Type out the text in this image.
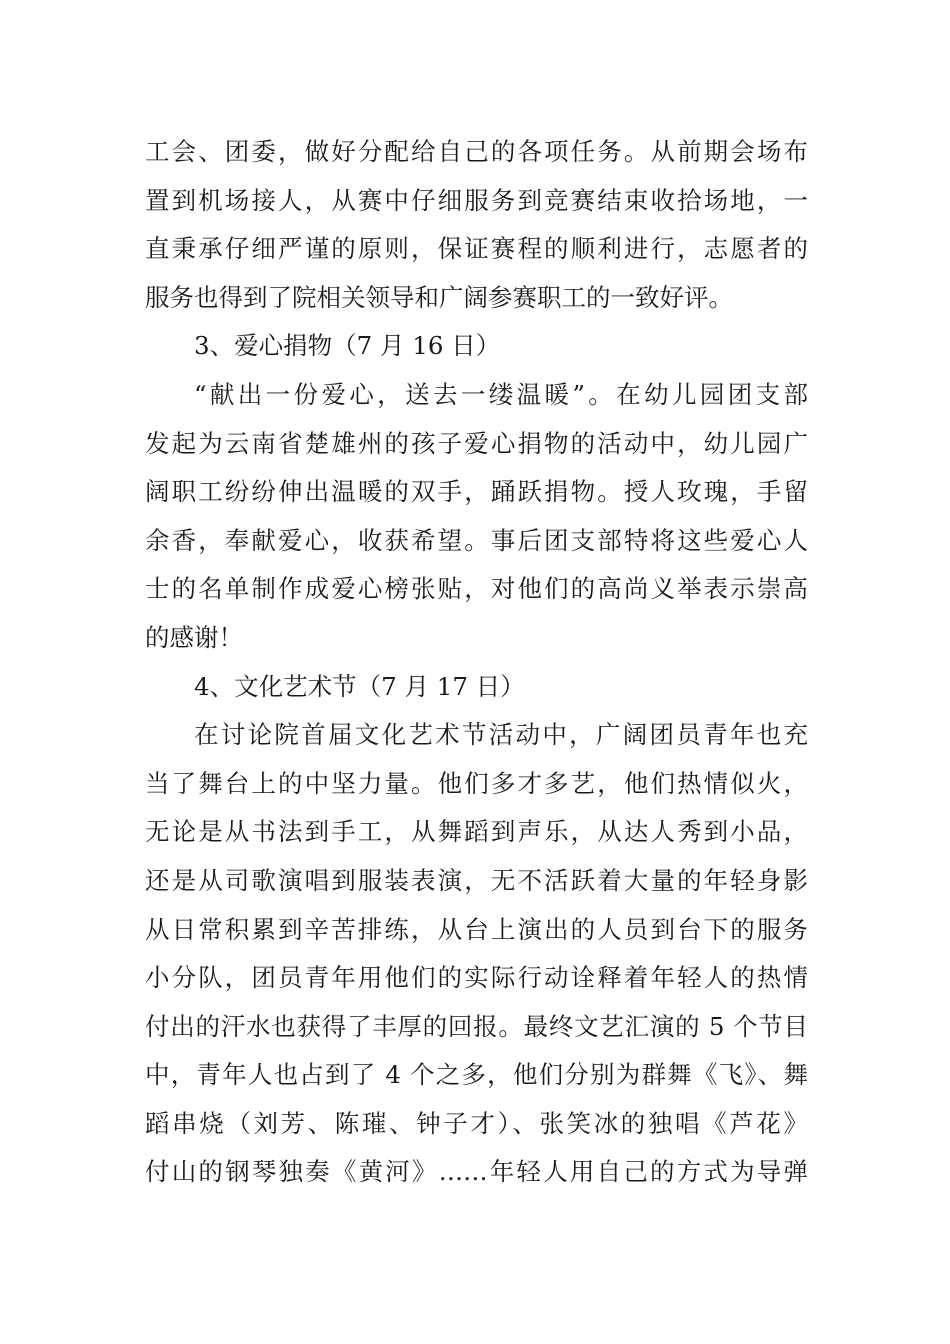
工会、团委，做好分配给自己的各项任务。从前期会场布
置到机场接人，从赛中仔细服务到竞赛结束收拾场地，一
直秉承仔细严谨的原则，保证赛程的顺利进行，志愿者的
服务也得到了院相关领导和广阔参赛职工的一致好评。
3、爱心捐物（7 月 16 日）
“献出一份爱心，送去一缕温暖”。在幼儿园团支部
发起为云南省楚雄州的孩子爱心捐物的活动中，幼儿园广
阔职工纷纷伸出温暖的双手，踊跃捐物。授人玫瑰，手留
余香，奉献爱心，收获希望。事后团支部特将这些爱心人
士的名单制作成爱心榜张贴，对他们的高尚义举表示崇高
的感谢！
4、文化艺术节（7 月 17 日）
在讨论院首届文化艺术节活动中，广阔团员青年也充
当了舞台上的中坚力量。他们多才多艺，他们热情似火，
无论是从书法到手工，从舞蹈到声乐，从达人秀到小品，
还是从司歌演唱到服装表演，无不活跃着大量的年轻身影
从日常积累到辛苦排练，从台上演出的人员到台下的服务
小分队，团员青年用他们的实际行动诠释着年轻人的热情
付出的汗水也获得了丰厚的回报。最终文艺汇演的 5 个节目
中，青年人也占到了 4 个之多，他们分别为群舞《飞》、舞
蹈串烧（刘芳、陈璀、钟子才）、张笑冰的独唱《芦花》
付山的钢琴独奏《黄河》……年轻人用自己的方式为导弹
